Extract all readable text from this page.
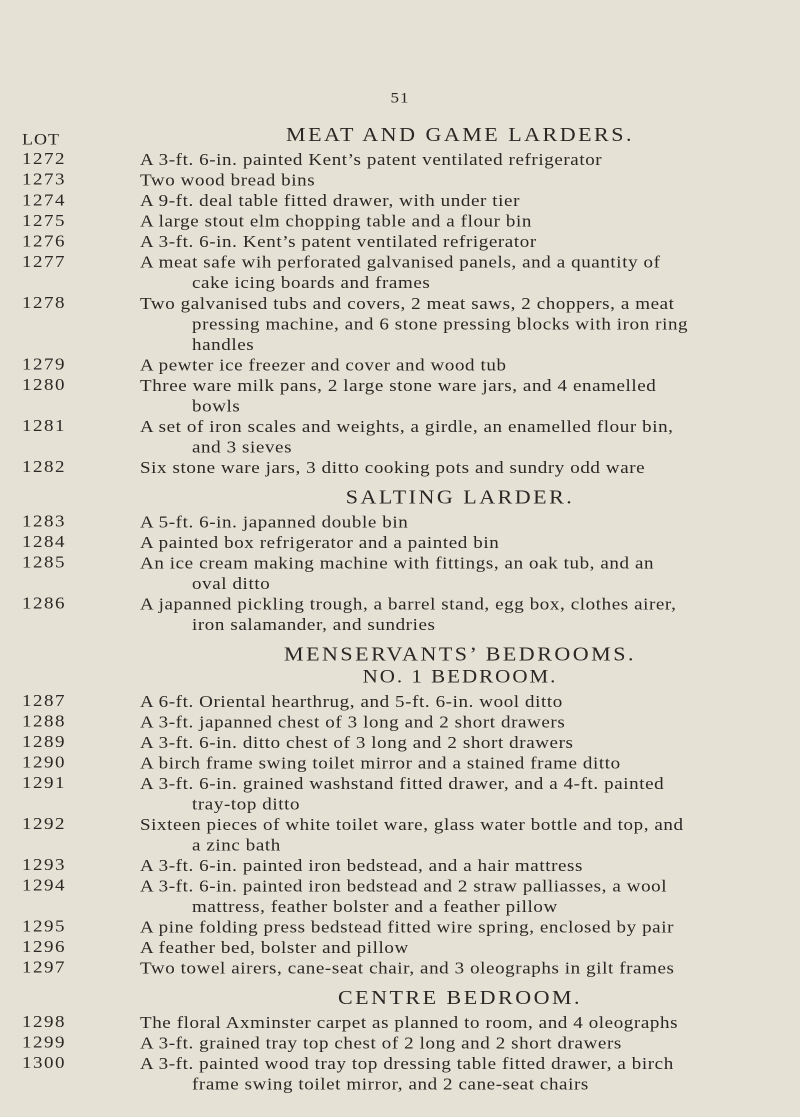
51
LOT	MEAT AND GAME LARDERS.
1272	A 3-ft. 6-in. painted Kent’s patent ventilated refrigerator
1273	Two wood bread bins
1274	A 9-ft. deal table fitted drawer, with under tier
1275	A large stout elm chopping table and a flour bin
1276	A 3-ft. 6-in. Kent’s patent ventilated refrigerator
1277	A meat safe wih perforated galvanised panels, and a quantity of
cake icing boards and frames
1278	Two galvanised tubs and covers, 2 meat saws, 2 choppers, a meat
pressing machine, and 6 stone pressing blocks with iron ring
handles
1279	A pewter ice freezer and cover and wood tub
1280	Three ware milk pans, 2 large stone ware jars, and 4 enamelled
bowls
1281	A set of iron scales and weights, a girdle, an enamelled flour bin,
and 3 sieves
1282	Six stone ware jars, 3 ditto cooking pots and sundry odd ware
SALTING LARDER.
1283	A 5-ft. 6-in. japanned double bin
1284	A painted box refrigerator and a painted bin
1285	An ice cream making machine with fittings, an oak tub, and an
oval ditto
1286	A japanned pickling trough, a barrel stand, egg box, clothes airer,
iron salamander, and sundries
MENSERVANTS’ BEDROOMS.
NO. 1 BEDROOM.
1287	A 6-ft. Oriental hearthrug, and 5-ft. 6-in. wool ditto
1288	A 3-ft. japanned chest of 3 long and 2 short drawers
1289	A 3-ft. 6-in. ditto chest of 3 long and 2 short drawers
1290	A birch frame swing toilet mirror and a stained frame ditto
1291	A 3-ft. 6-in. grained washstand fitted drawer, and a 4-ft. painted
tray-top ditto
1292	Sixteen pieces of white toilet ware, glass water bottle and top, and
a zinc bath
1293	A 3-ft. 6-in. painted iron bedstead, and a hair mattress
1294	A 3-ft. 6-in. painted iron bedstead and 2 straw palliasses, a wool
mattress, feather bolster and a feather pillow
1295	A pine folding press bedstead fitted wire spring, enclosed by pair
1296	A feather bed, bolster and pillow
1297	Two towel airers, cane-seat chair, and 3 oleographs in gilt frames
CENTRE BEDROOM.
1298	The floral Axminster carpet as planned to room, and 4 oleographs
1299	A 3-ft. grained tray top chest of 2 long and 2 short drawers
1300	A 3-ft. painted wood tray top dressing table fitted drawer, a birch
frame swing toilet mirror, and 2 cane-seat chairs
